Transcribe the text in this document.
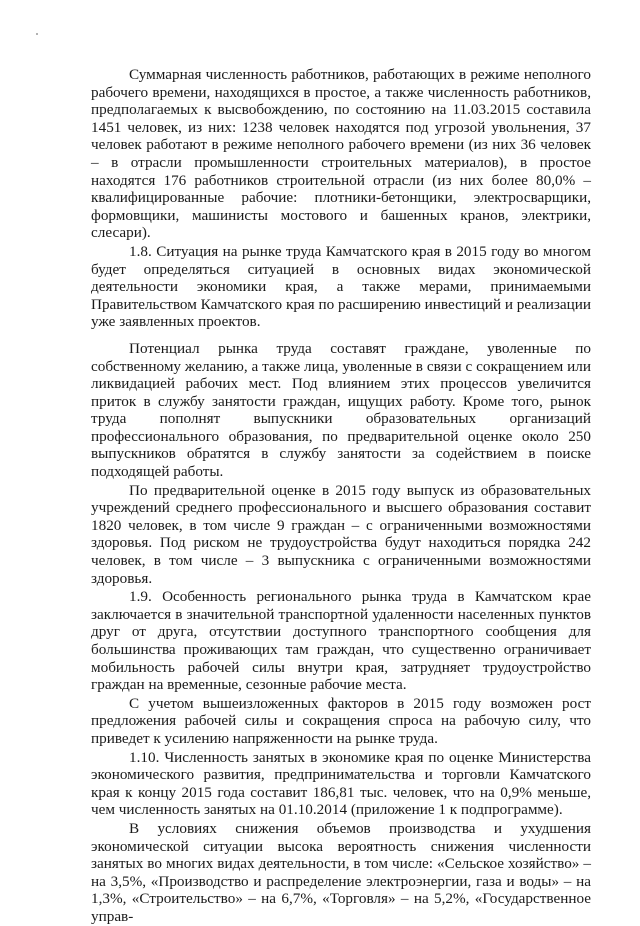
Суммарная численность работников, работающих в режиме неполного рабочего времени, находящихся в простое, а также численность работников, предполагаемых к высвобождению, по состоянию на 11.03.2015 составила 1451 человек, из них: 1238 человек находятся под угрозой увольнения, 37 человек работают в режиме неполного рабочего времени (из них 36 человек – в отрасли промышленности строительных материалов), в простое находятся 176 работников строительной отрасли (из них более 80,0% – квалифицированные рабочие: плотники-бетонщики, электросварщики, формовщики, машинисты мостового и башенных кранов, электрики, слесари).

1.8. Ситуация на рынке труда Камчатского края в 2015 году во многом будет определяться ситуацией в основных видах экономической деятельности экономики края, а также мерами, принимаемыми Правительством Камчатского края по расширению инвестиций и реализации уже заявленных проектов.

Потенциал рынка труда составят граждане, уволенные по собственному желанию, а также лица, уволенные в связи с сокращением или ликвидацией рабочих мест. Под влиянием этих процессов увеличится приток в службу занятости граждан, ищущих работу. Кроме того, рынок труда пополнят выпускники образовательных организаций профессионального образования, по предварительной оценке около 250 выпускников обратятся в службу занятости за содействием в поиске подходящей работы.

По предварительной оценке в 2015 году выпуск из образовательных учреждений среднего профессионального и высшего образования составит 1820 человек, в том числе 9 граждан – с ограниченными возможностями здоровья. Под риском не трудоустройства будут находиться порядка 242 человек, в том числе – 3 выпускника с ограниченными возможностями здоровья.

1.9. Особенность регионального рынка труда в Камчатском крае заключается в значительной транспортной удаленности населенных пунктов друг от друга, отсутствии доступного транспортного сообщения для большинства проживающих там граждан, что существенно ограничивает мобильность рабочей силы внутри края, затрудняет трудоустройство граждан на временные, сезонные рабочие места.

С учетом вышеизложенных факторов в 2015 году возможен рост предложения рабочей силы и сокращения спроса на рабочую силу, что приведет к усилению напряженности на рынке труда.

1.10. Численность занятых в экономике края по оценке Министерства экономического развития, предпринимательства и торговли Камчатского края к концу 2015 года составит 186,81 тыс. человек, что на 0,9% меньше, чем численность занятых на 01.10.2014 (приложение 1 к подпрограмме).

В условиях снижения объемов производства и ухудшения экономической ситуации высока вероятность снижения численности занятых во многих видах деятельности, в том числе: «Сельское хозяйство» – на 3,5%, «Производство и распределение электроэнергии, газа и воды» – на 1,3%, «Строительство» – на 6,7%, «Торговля» – на 5,2%, «Государственное управ-
